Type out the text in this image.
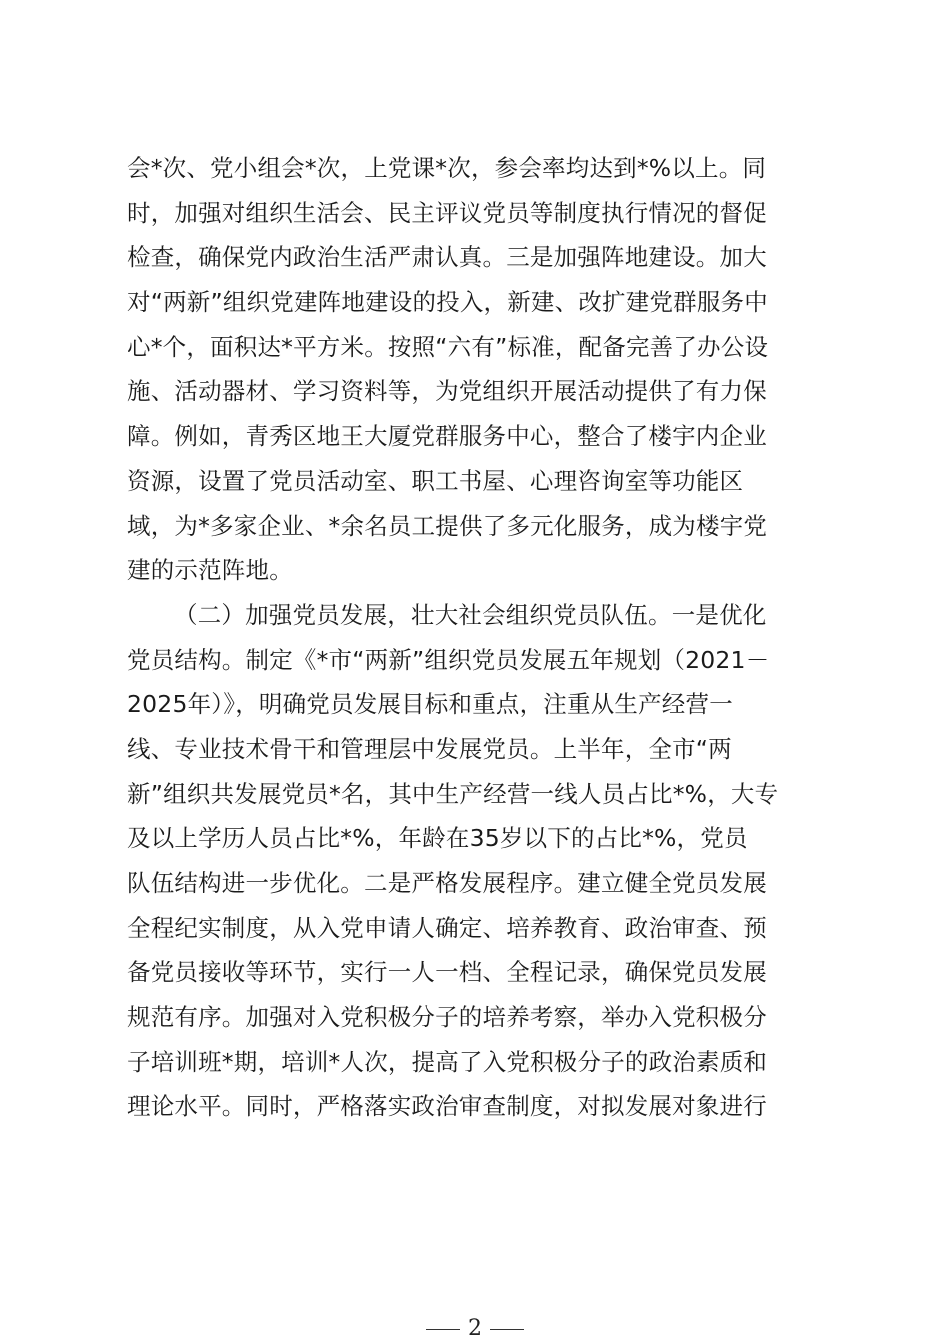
会*次、党小组会*次，上党课*次，参会率均达到*%以上。同
时，加强对组织生活会、民主评议党员等制度执行情况的督促
检查，确保党内政治生活严肃认真。三是加强阵地建设。加大
对“两新”组织党建阵地建设的投入，新建、改扩建党群服务中
心*个，面积达*平方米。按照“六有”标准，配备完善了办公设
施、活动器材、学习资料等，为党组织开展活动提供了有力保
障。例如，青秀区地王大厦党群服务中心，整合了楼宇内企业
资源，设置了党员活动室、职工书屋、心理咨询室等功能区
域，为*多家企业、*余名员工提供了多元化服务，成为楼宇党
建的示范阵地。
（二）加强党员发展，壮大社会组织党员队伍。一是优化
党员结构。制定《*市“两新”组织党员发展五年规划（2021－
2025年）》，明确党员发展目标和重点，注重从生产经营一
线、专业技术骨干和管理层中发展党员。上半年，全市“两
新”组织共发展党员*名，其中生产经营一线人员占比*%，大专
及以上学历人员占比*%，年龄在35岁以下的占比*%，党员
队伍结构进一步优化。二是严格发展程序。建立健全党员发展
全程纪实制度，从入党申请人确定、培养教育、政治审查、预
备党员接收等环节，实行一人一档、全程记录，确保党员发展
规范有序。加强对入党积极分子的培养考察，举办入党积极分
子培训班*期，培训*人次，提高了入党积极分子的政治素质和
理论水平。同时，严格落实政治审查制度，对拟发展对象进行
2
